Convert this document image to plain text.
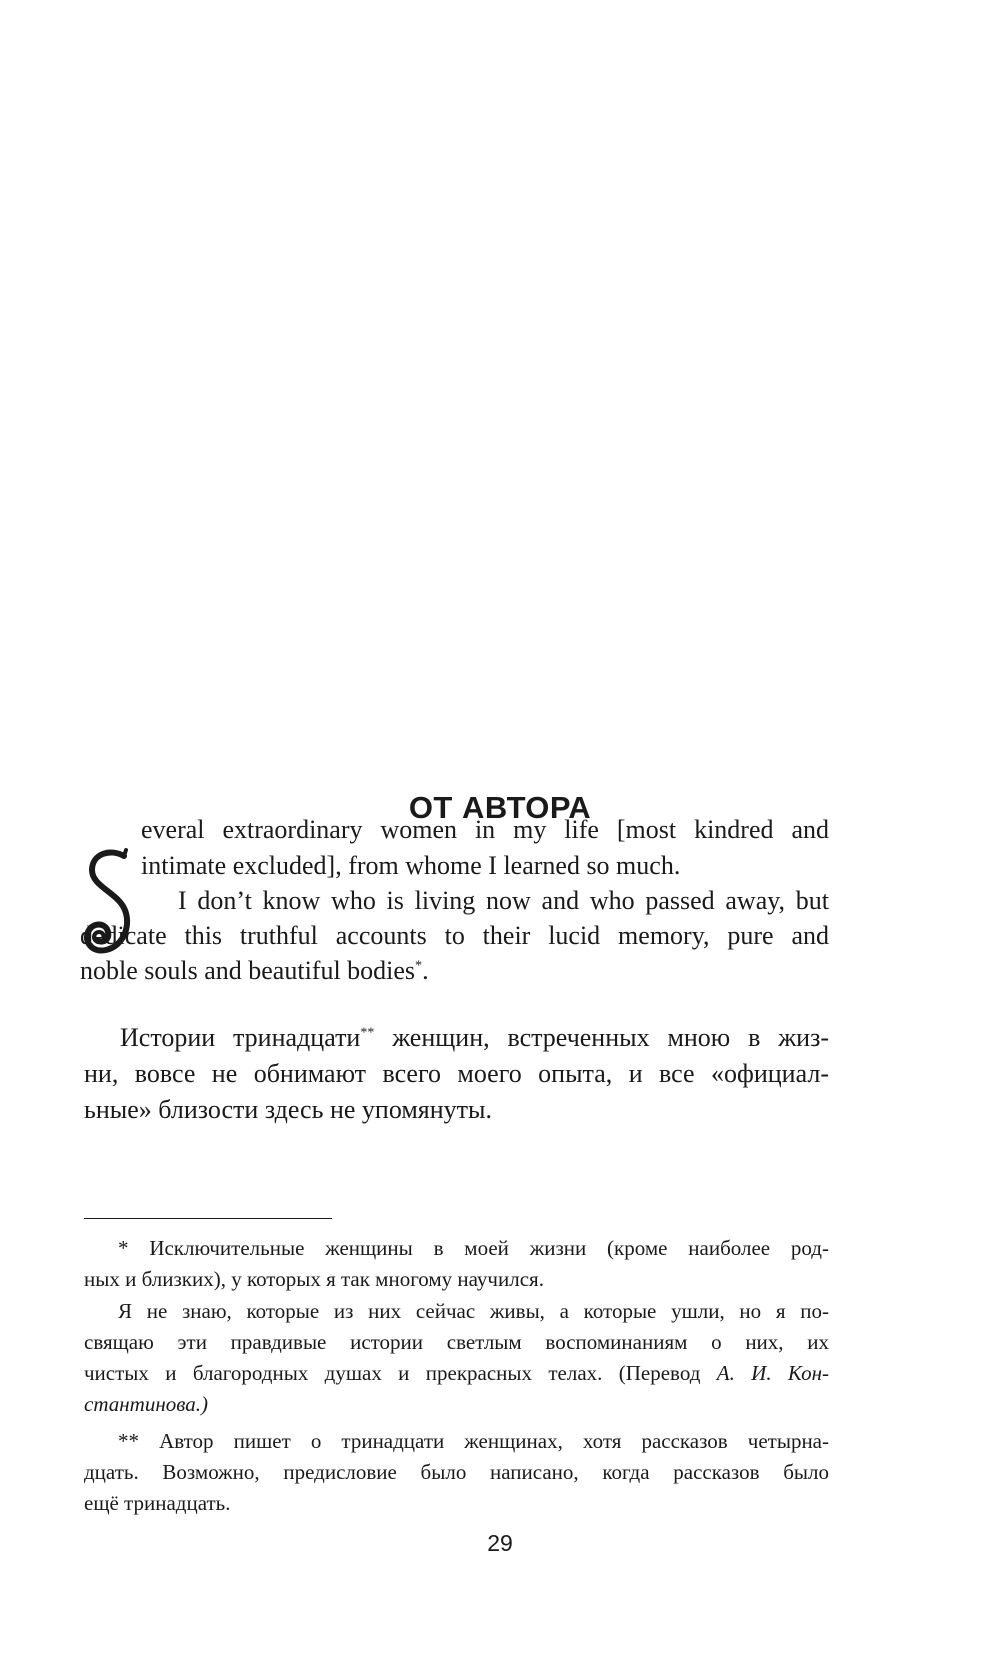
ОТ АВТОРА
everal extraordinary women in my life [most kindred and
intimate excluded], from whome I learned so much.
I don’t know who is living now and who passed away, but
dedicate this truthful accounts to their lucid memory, pure and
noble souls and beautiful bodies*.
Истории тринадцати** женщин, встреченных мною в жиз-
ни, вовсе не обнимают всего моего опыта, и все «официал-
ьные» близости здесь не упомянуты.
* Исключительные женщины в моей жизни (кроме наиболее род-
ных и близких), у которых я так многому научился.
Я не знаю, которые из них сейчас живы, а которые ушли, но я по-
свящаю эти правдивые истории светлым воспоминаниям о них, их
чистых и благородных душах и прекрасных телах. (Перевод А. И. Кон-
стантинова.)
** Автор пишет о тринадцати женщинах, хотя рассказов четырна-
дцать. Возможно, предисловие было написано, когда рассказов было
ещё тринадцать.
29
